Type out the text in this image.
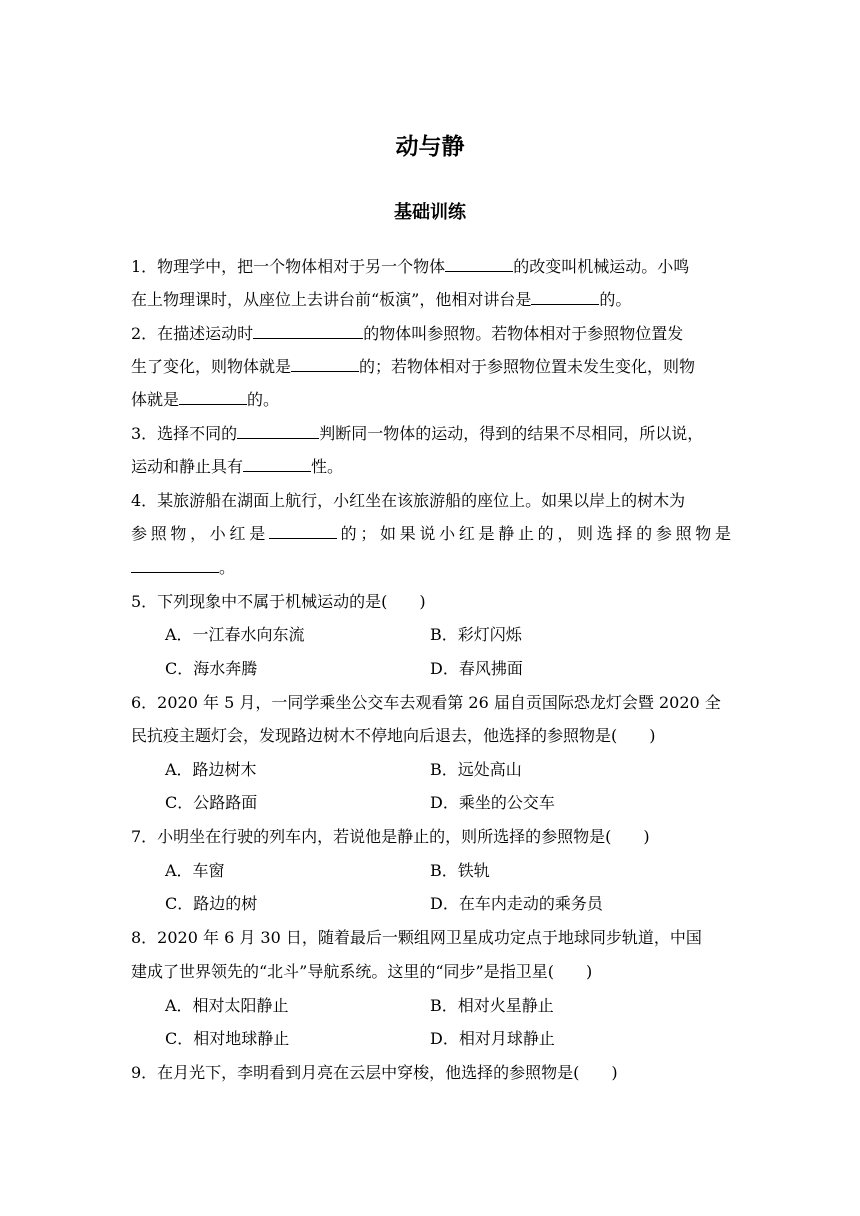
动与静
基础训练
1．物理学中，把一个物体相对于另一个物体	的改变叫机械运动。小鸣
在上物理课时，从座位上去讲台前“板演”，他相对讲台是	的。
2．在描述运动时	的物体叫参照物。若物体相对于参照物位置发
生了变化，则物体就是	的；若物体相对于参照物位置未发生变化，则物
体就是	的。
3．选择不同的	判断同一物体的运动，得到的结果不尽相同，所以说，
运动和静止具有	性。
4．某旅游船在湖面上航行，小红坐在该旅游船的座位上。如果以岸上的树木为
参照物，小红是	的；如果说小红是静止的，则选择的参照物是
。
5．下列现象中不属于机械运动的是(　　)
A．一江春水向东流	B．彩灯闪烁
C．海水奔腾	D．春风拂面
6．2020 年 5 月，一同学乘坐公交车去观看第 26 届自贡国际恐龙灯会暨 2020 全
民抗疫主题灯会，发现路边树木不停地向后退去，他选择的参照物是(　　)
A．路边树木	B．远处高山
C．公路路面	D．乘坐的公交车
7．小明坐在行驶的列车内，若说他是静止的，则所选择的参照物是(　　)
A．车窗	B．铁轨
C．路边的树	D．在车内走动的乘务员
8．2020 年 6 月 30 日，随着最后一颗组网卫星成功定点于地球同步轨道，中国
建成了世界领先的“北斗”导航系统。这里的“同步”是指卫星(　　)
A．相对太阳静止	B．相对火星静止
C．相对地球静止	D．相对月球静止
9．在月光下，李明看到月亮在云层中穿梭，他选择的参照物是(　　)
